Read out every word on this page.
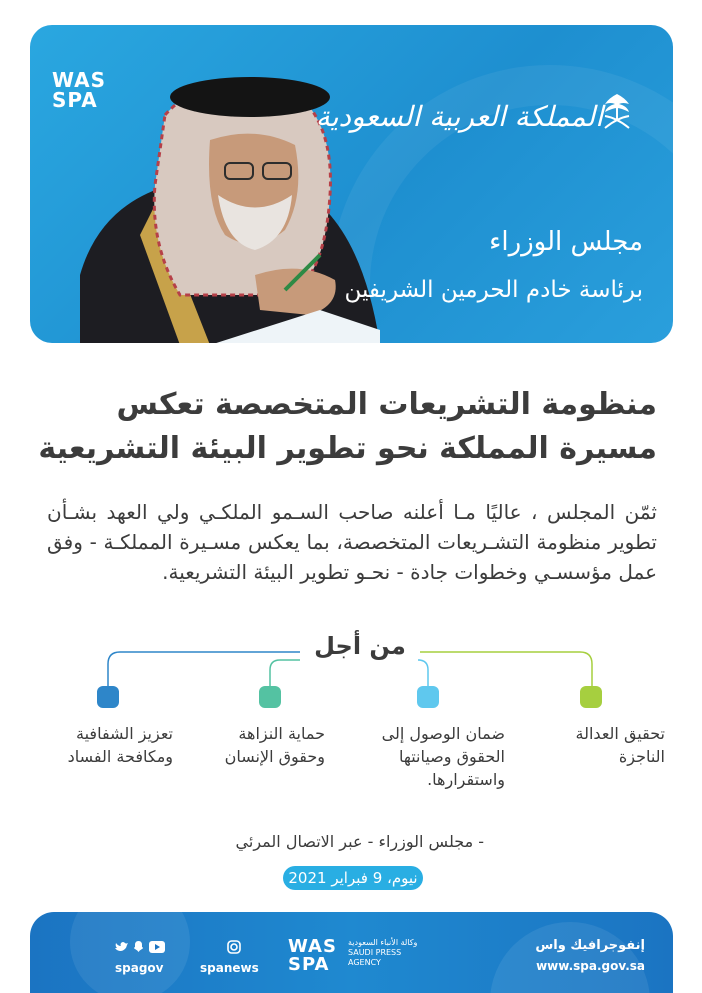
WAS
SPA	المملكة العربية السعودية
مجلس الوزراء
برئاسة خادم الحرمين الشريفين
منظومة التشريعات المتخصصة تعكس
مسيرة المملكة نحو تطوير البيئة التشريعية
ثمّن المجلس ، عاليًا مـا أعلنه صاحب السـمو الملكـي ولي العهد بشـأن تطوير منظومة التشـريعات المتخصصة، بما يعكس مسـيرة المملكـة - وفق عمل مؤسسـي وخطوات جادة - نحـو تطوير البيئة التشريعية.
من أجل
تحقيق العدالة الناجزة
ضمان الوصول إلى الحقوق وصيانتها واستقرارها.
حماية النزاهة وحقوق الإنسان
تعزيز الشفافية ومكافحة الفساد
مجلس الوزراء - عبر الاتصال المرئي -
نيوم، 9 فبراير 2021
spagov	spanews
WAS
SPA
وكالة الأنباء السعودية
SAUDI PRESS
AGENCY
إنفوجرافيك واس
www.spa.gov.sa
